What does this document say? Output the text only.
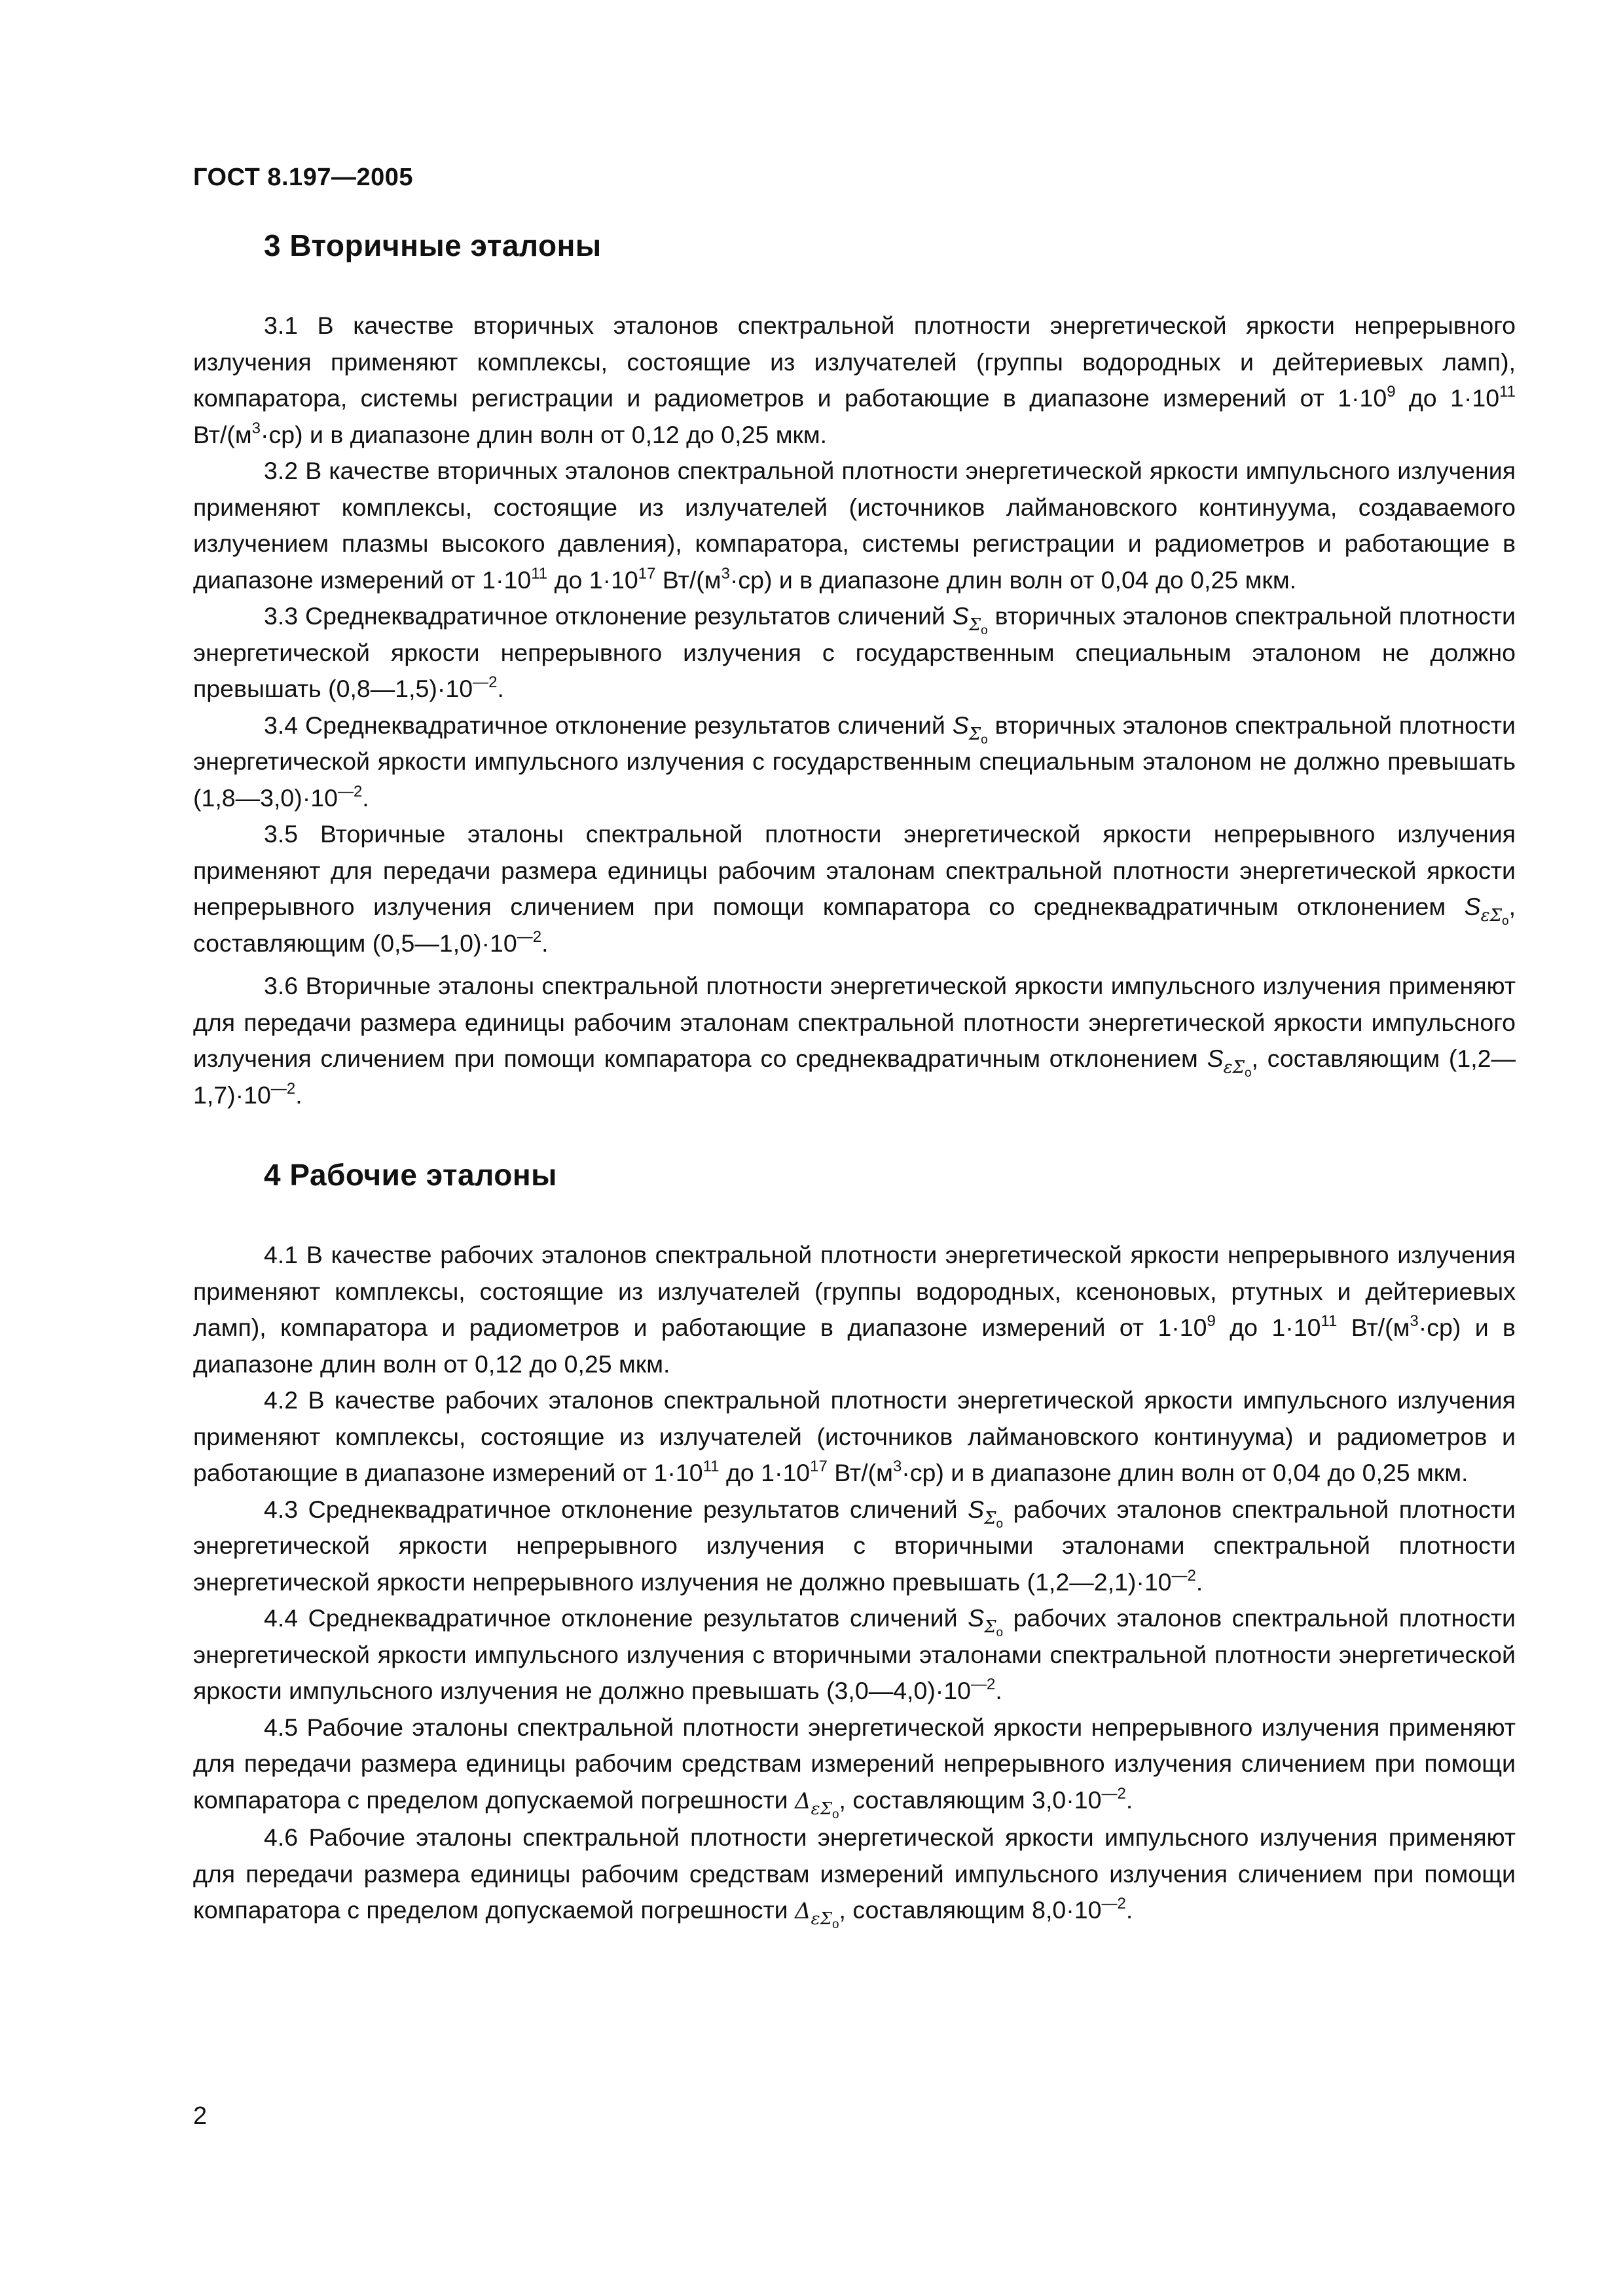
ГОСТ 8.197—2005
3 Вторичные эталоны

3.1 В качестве вторичных эталонов спектральной плотности энергетической яркости непрерывного излучения применяют комплексы, состоящие из излучателей (группы водородных и дейтериевых ламп), компаратора, системы регистрации и радиометров и работающие в диапазоне измерений от $1\cdot 10^9$ до $1\cdot 10^{11}$ $Вт/(м^3\cdot ср)$ и в диапазоне длин волн от 0,12 до 0,25 мкм.

3.2 В качестве вторичных эталонов спектральной плотности энергетической яркости импульсного излучения применяют комплексы, состоящие из излучателей (источников лаймановского континуума, создаваемого излучением плазмы высокого давления), компаратора, системы регистрации и радиометров и работающие в диапазоне измерений от $1\cdot 10^{11}$ до $1\cdot 10^{17}$ $Вт/(м^3\cdot ср)$ и в диапазоне длин волн от 0,04 до 0,25 мкм.

3.3 Среднеквадратичное отклонение результатов сличений $S_{\Sigma_о}$ вторичных эталонов спектральной плотности энергетической яркости непрерывного излучения с государственным специальным эталоном не должно превышать $(0,8—1,5)\cdot 10^{—2}$.

3.4 Среднеквадратичное отклонение результатов сличений $S_{\Sigma_о}$ вторичных эталонов спектральной плотности энергетической яркости импульсного излучения с государственным специальным эталоном не должно превышать $(1,8—3,0)\cdot 10^{—2}$.

3.5 Вторичные эталоны спектральной плотности энергетической яркости непрерывного излучения применяют для передачи размера единицы рабочим эталонам спектральной плотности энергетической яркости непрерывного излучения сличением при помощи компаратора со среднеквадратичным отклонением $S_{\varepsilon\Sigma_о}$, составляющим $(0,5—1,0)\cdot 10^{—2}$.

3.6 Вторичные эталоны спектральной плотности энергетической яркости импульсного излучения применяют для передачи размера единицы рабочим эталонам спектральной плотности энергетической яркости импульсного излучения сличением при помощи компаратора со среднеквадратичным отклонением $S_{\varepsilon\Sigma_о}$, составляющим $(1,2—1,7)\cdot 10^{—2}$.

4 Рабочие эталоны

4.1 В качестве рабочих эталонов спектральной плотности энергетической яркости непрерывного излучения применяют комплексы, состоящие из излучателей (группы водородных, ксеноновых, ртутных и дейтериевых ламп), компаратора и радиометров и работающие в диапазоне измерений от $1\cdot 10^9$ до $1\cdot 10^{11}$ $Вт/(м^3\cdot ср)$ и в диапазоне длин волн от 0,12 до 0,25 мкм.

4.2 В качестве рабочих эталонов спектральной плотности энергетической яркости импульсного излучения применяют комплексы, состоящие из излучателей (источников лаймановского континуума) и радиометров и работающие в диапазоне измерений от $1\cdot 10^{11}$ до $1\cdot 10^{17}$ $Вт/(м^3\cdot ср)$ и в диапазоне длин волн от 0,04 до 0,25 мкм.

4.3 Среднеквадратичное отклонение результатов сличений $S_{\Sigma_о}$ рабочих эталонов спектральной плотности энергетической яркости непрерывного излучения с вторичными эталонами спектральной плотности энергетической яркости непрерывного излучения не должно превышать $(1,2—2,1)\cdot 10^{—2}$.

4.4 Среднеквадратичное отклонение результатов сличений $S_{\Sigma_о}$ рабочих эталонов спектральной плотности энергетической яркости импульсного излучения с вторичными эталонами спектральной плотности энергетической яркости импульсного излучения не должно превышать $(3,0—4,0)\cdot 10^{—2}$.

4.5 Рабочие эталоны спектральной плотности энергетической яркости непрерывного излучения применяют для передачи размера единицы рабочим средствам измерений непрерывного излучения сличением при помощи компаратора с пределом допускаемой погрешности $\Delta_{\varepsilon\Sigma_о}$, составляющим $3,0\cdot 10^{—2}$.

4.6 Рабочие эталоны спектральной плотности энергетической яркости импульсного излучения применяют для передачи размера единицы рабочим средствам измерений импульсного излучения сличением при помощи компаратора с пределом допускаемой погрешности $\Delta_{\varepsilon\Sigma_о}$, составляющим $8,0\cdot 10^{—2}$.

2
